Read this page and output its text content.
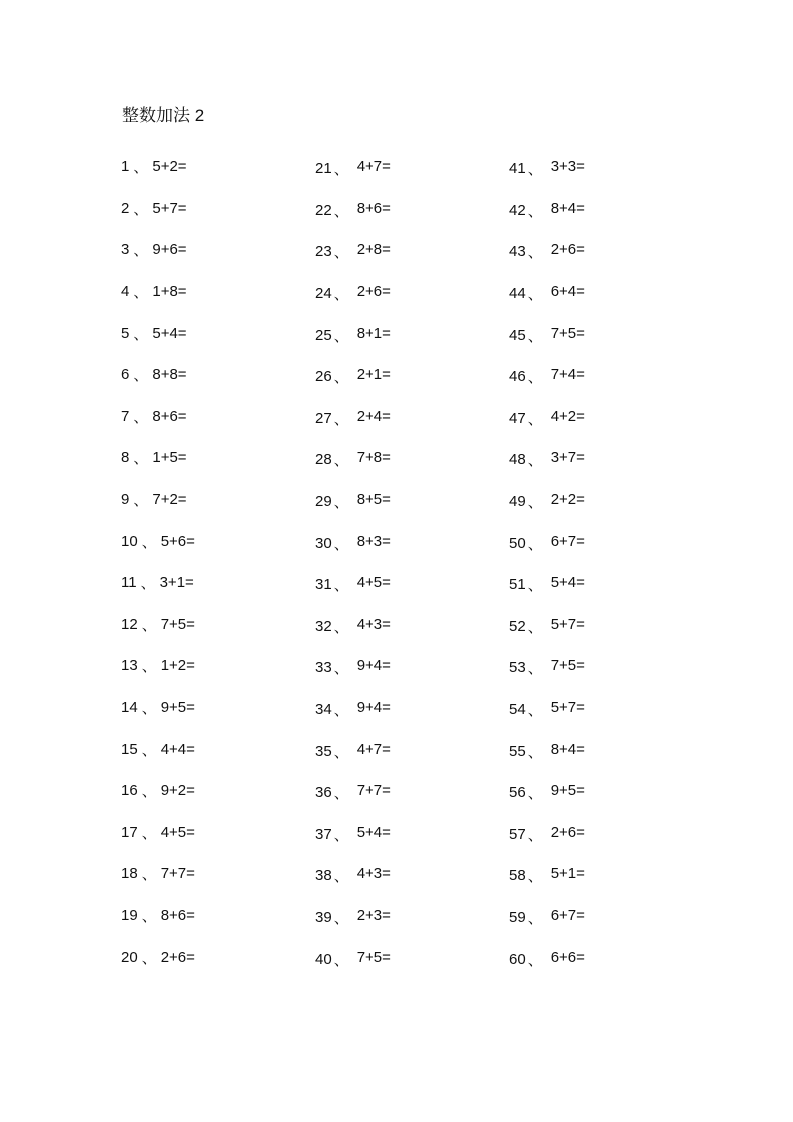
整数加法 2
1 、 5+2=
2 、 5+7=
3 、 9+6=
4 、 1+8=
5 、 5+4=
6 、 8+8=
7 、 8+6=
8 、 1+5=
9 、 7+2=
10 、 5+6=
11 、 3+1=
12 、 7+5=
13 、 1+2=
14 、 9+5=
15 、 4+4=
16 、 9+2=
17 、 4+5=
18 、 7+7=
19 、 8+6=
20 、 2+6=
21 、 4+7=
22 、 8+6=
23 、 2+8=
24 、 2+6=
25 、 8+1=
26 、 2+1=
27 、 2+4=
28 、 7+8=
29 、 8+5=
30 、 8+3=
31 、 4+5=
32 、 4+3=
33 、 9+4=
34 、 9+4=
35 、 4+7=
36 、 7+7=
37 、 5+4=
38 、 4+3=
39 、 2+3=
40 、 7+5=
41 、 3+3=
42 、 8+4=
43 、 2+6=
44 、 6+4=
45 、 7+5=
46 、 7+4=
47 、 4+2=
48 、 3+7=
49 、 2+2=
50 、 6+7=
51 、 5+4=
52 、 5+7=
53 、 7+5=
54 、 5+7=
55 、 8+4=
56 、 9+5=
57 、 2+6=
58 、 5+1=
59 、 6+7=
60 、 6+6=
